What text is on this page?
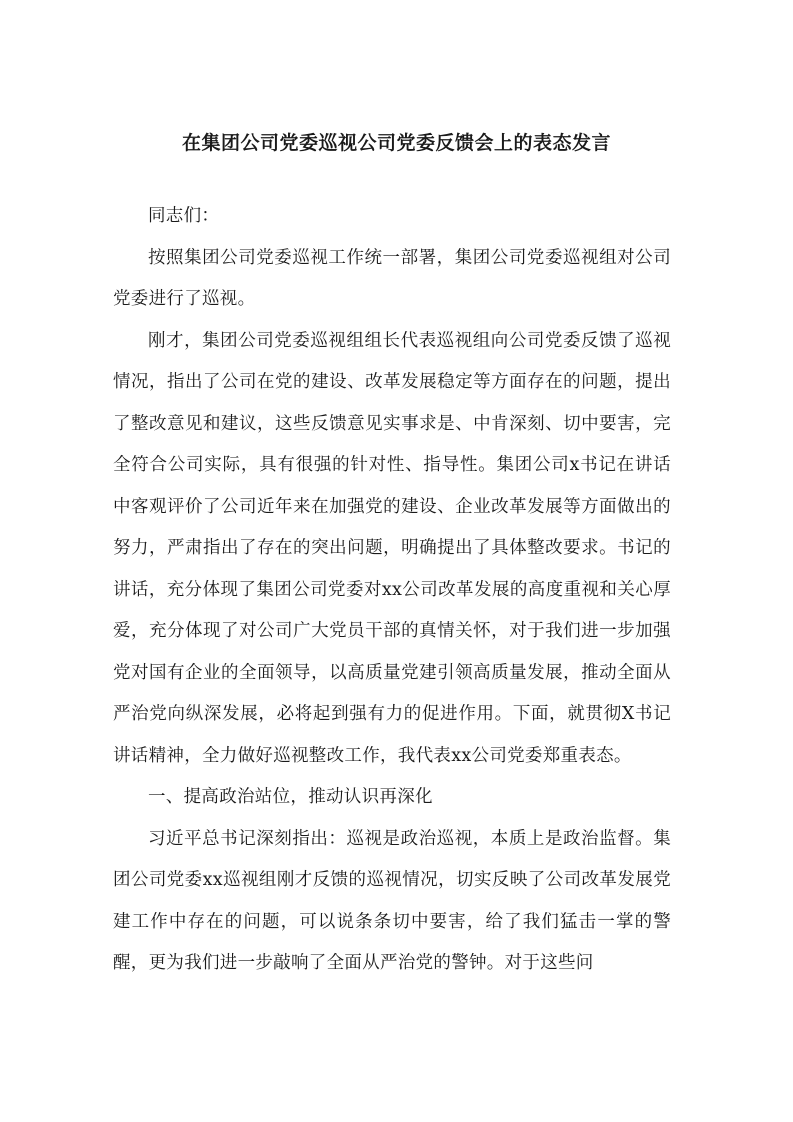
在集团公司党委巡视公司党委反馈会上的表态发言

同志们：

按照集团公司党委巡视工作统一部署，集团公司党委巡视组对公司党委进行了巡视。

刚才，集团公司党委巡视组组长代表巡视组向公司党委反馈了巡视情况，指出了公司在党的建设、改革发展稳定等方面存在的问题，提出了整改意见和建议，这些反馈意见实事求是、中肯深刻、切中要害，完全符合公司实际，具有很强的针对性、指导性。集团公司x书记在讲话中客观评价了公司近年来在加强党的建设、企业改革发展等方面做出的努力，严肃指出了存在的突出问题，明确提出了具体整改要求。书记的讲话，充分体现了集团公司党委对xx公司改革发展的高度重视和关心厚爱，充分体现了对公司广大党员干部的真情关怀，对于我们进一步加强党对国有企业的全面领导，以高质量党建引领高质量发展，推动全面从严治党向纵深发展，必将起到强有力的促进作用。下面，就贯彻X书记讲话精神，全力做好巡视整改工作，我代表xx公司党委郑重表态。

一、提高政治站位，推动认识再深化

习近平总书记深刻指出：巡视是政治巡视，本质上是政治监督。集团公司党委xx巡视组刚才反馈的巡视情况，切实反映了公司改革发展党建工作中存在的问题，可以说条条切中要害，给了我们猛击一掌的警醒，更为我们进一步敲响了全面从严治党的警钟。对于这些问
